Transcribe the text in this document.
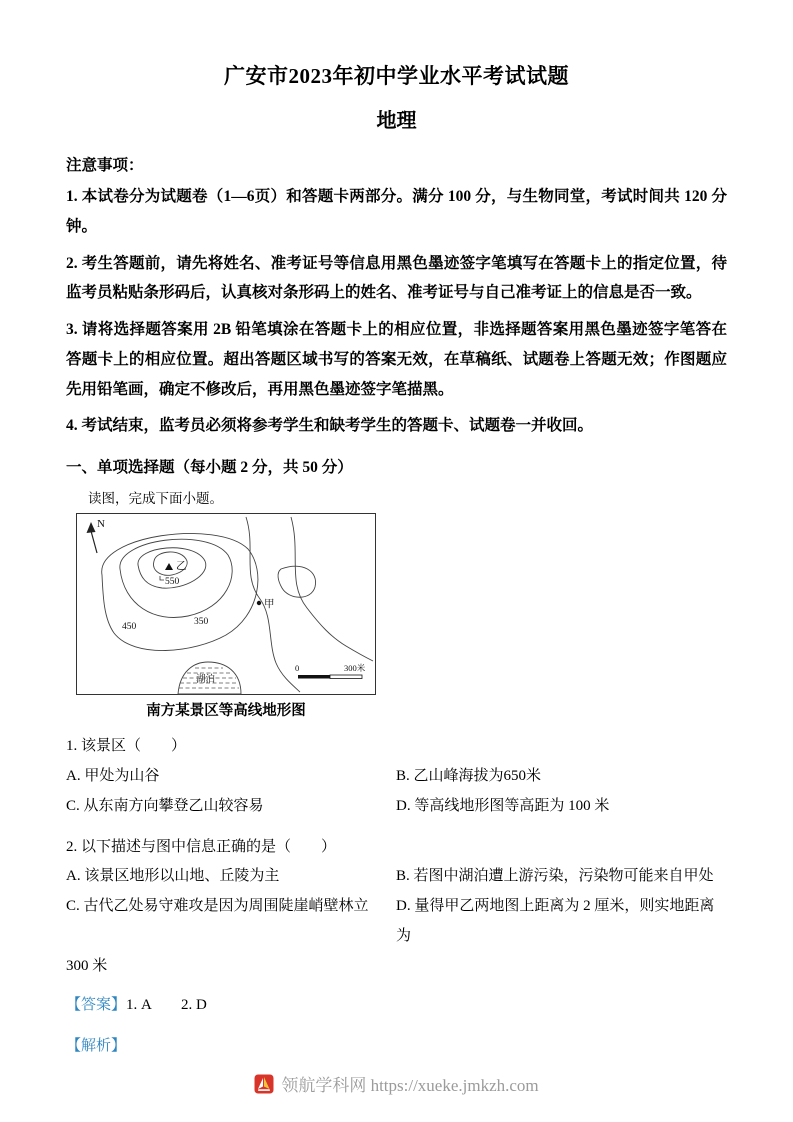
广安市2023年初中学业水平考试试题
地理

注意事项：

1. 本试卷分为试题卷（1—6页）和答题卡两部分。满分 100 分，与生物同堂，考试时间共 120 分钟。

2. 考生答题前，请先将姓名、准考证号等信息用黑色墨迹签字笔填写在答题卡上的指定位置，待监考员粘贴条形码后，认真核对条形码上的姓名、准考证号与自己准考证上的信息是否一致。

3. 请将选择题答案用 2B 铅笔填涂在答题卡上的相应位置，非选择题答案用黑色墨迹签字笔答在答题卡上的相应位置。超出答题区域书写的答案无效，在草稿纸、试题卷上答题无效；作图题应先用铅笔画，确定不修改后，再用黑色墨迹签字笔描黑。

4. 考试结束，监考员必须将参考学生和缺考学生的答题卡、试题卷一并收回。

一、单项选择题（每小题 2 分，共 50 分）

读图，完成下面小题。

N
乙
550
450	350
甲
湖泊
0	300米
南方某景区等高线地形图

1. 该景区（　　）

A. 甲处为山谷	B. 乙山峰海拔为650米
C. 从东南方向攀登乙山较容易	D. 等高线地形图等高距为 100 米

2. 以下描述与图中信息正确的是（　　）

A. 该景区地形以山地、丘陵为主	B. 若图中湖泊遭上游污染，污染物可能来自甲处
C. 古代乙处易守难攻是因为周围陡崖峭壁林立	D. 量得甲乙两地图上距离为 2 厘米，则实地距离为

300 米

【答案】1. A　　2. D

【解析】

领航学科网 https://xueke.jmkzh.com
